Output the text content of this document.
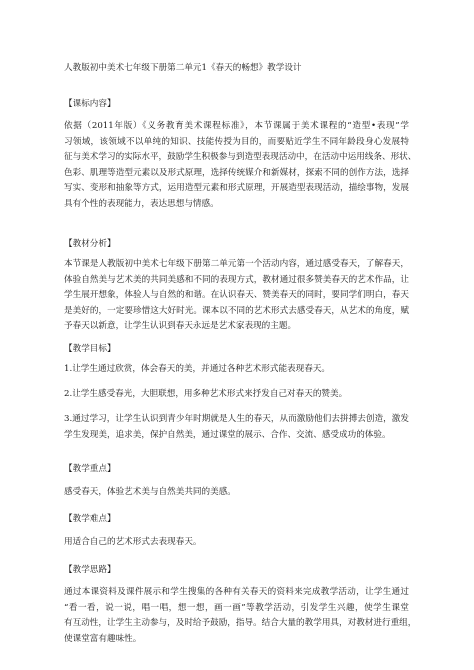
人教版初中美术七年级下册第二单元1《春天的畅想》教学设计
【课标内容】
依据（2011年版）《义务教育美术课程标准》，本节课属于美术课程的“造型•表现”学
习领域，该领域不以单纯的知识、技能传授为目的，而要贴近学生不同年龄段身心发展特
征与美术学习的实际水平，鼓励学生积极参与到造型表现活动中，在活动中运用线条、形状、
色彩、肌理等造型元素以及形式原理，选择传统媒介和新媒材，探索不同的创作方法，选择
写实、变形和抽象等方式，运用造型元素和形式原理，开展造型表现活动，描绘事物，发展
具有个性的表现能力，表达思想与情感。
【教材分析】
本节课是人教版初中美术七年级下册第二单元第一个活动内容，通过感受春天，了解春天，
体验自然美与艺术美的共同美感和不同的表现方式，教材通过很多赞美春天的艺术作品，让
学生展开想象，体验人与自然的和谐。在认识春天、赞美春天的同时，要同学们明白，春天
是美好的，一定要珍惜这大好时光。课本以不同的艺术形式去感受春天，从艺术的角度，赋
予春天以新意，让学生认识到春天永远是艺术家表现的主题。
【教学目标】
1.让学生通过欣赏，体会春天的美，并通过各种艺术形式能表现春天。
2.让学生感受春光，大胆联想，用多种艺术形式来抒发自己对春天的赞美。
3.通过学习，让学生认识到青少年时期就是人生的春天，从而激励他们去拼搏去创造，激发
学生发现美，追求美，保护自然美，通过课堂的展示、合作、交流、感受成功的体验。
【教学重点】
感受春天，体验艺术美与自然美共同的美感。
【教学难点】
用适合自己的艺术形式去表现春天。
【教学思路】
通过本课资料及课件展示和学生搜集的各种有关春天的资料来完成教学活动，让学生通过
“看一看，说一说，唱一唱，想一想，画一画”等教学活动，引发学生兴趣，使学生课堂
有互动性，让学生主动参与，及时给予鼓励，指导。结合大量的教学用具，对教材进行重组，
使课堂富有趣味性。
